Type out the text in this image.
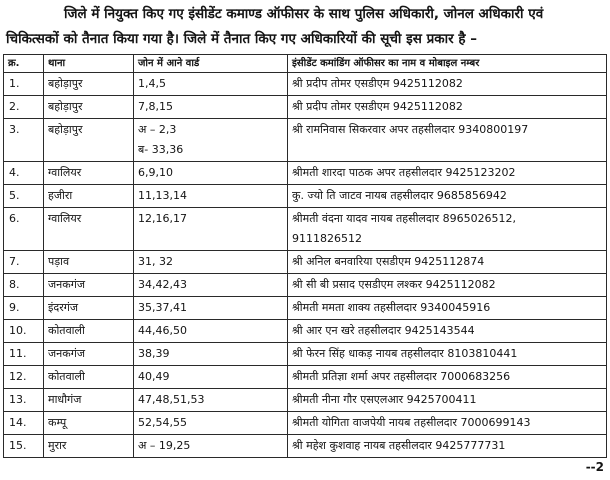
जिले में नियुक्त किए गए इंसीडेंट कमाण्ड ऑफीसर के साथ पुलिस अधिकारी, जोनल अधिकारी एवं
चिकित्सकों को तैनात किया गया है। जिले में तैनात किए गए अधिकारियों की सूची इस प्रकार है –
क्र.	थाना	जोन में आने वार्ड	इंसीडेंट कमांडिंग ऑफीसर का नाम व मोबाइल नम्बर
1.	बहोड़ापुर	1,4,5	श्री प्रदीप तोमर एसडीएम 9425112082

2.	बहोड़ापुर	7,8,15	श्री प्रदीप तोमर एसडीएम 9425112082

3.	बहोड़ापुर	अ – 2,3
ब- 33,36	श्री रामनिवास सिकरवार अपर तहसीलदार 9340800197

4.	ग्वालियर	6,9,10	श्रीमती शारदा पाठक अपर तहसीलदार 9425123202

5.	हजीरा	11,13,14	कु. ज्यो ति जाटव नायब तहसीलदार 9685856942

6.	ग्वालियर	12,16,17	श्रीमती वंदना यादव नायब तहसीलदार 8965026512,
9111826512

7.	पड़ाव	31, 32	श्री अनिल बनवारिया एसडीएम 9425112874

8.	जनकगंज	34,42,43	श्री सी बी प्रसाद एसडीएम लश्कर 9425112082

9.	इंदरगंज	35,37,41	श्रीमती ममता शाक्य तहसीलदार 9340045916

10.	कोतवाली	44,46,50	श्री आर एन खरे तहसीलदार 9425143544

11.	जनकगंज	38,39	श्री फेरन सिंह धाकड़ नायब तहसीलदार 8103810441

12.	कोतवाली	40,49	श्रीमती प्रतिज्ञा शर्मा अपर तहसीलदार 7000683256

13.	माधौगंज	47,48,51,53	श्रीमती नीना गौर एसएलआर 9425700411

14.	कम्पू	52,54,55	श्रीमती योगिता वाजपेयी नायब तहसीलदार 7000699143

15.	मुरार	अ – 19,25	श्री महेश कुशवाह नायब तहसीलदार 9425777731
--2
